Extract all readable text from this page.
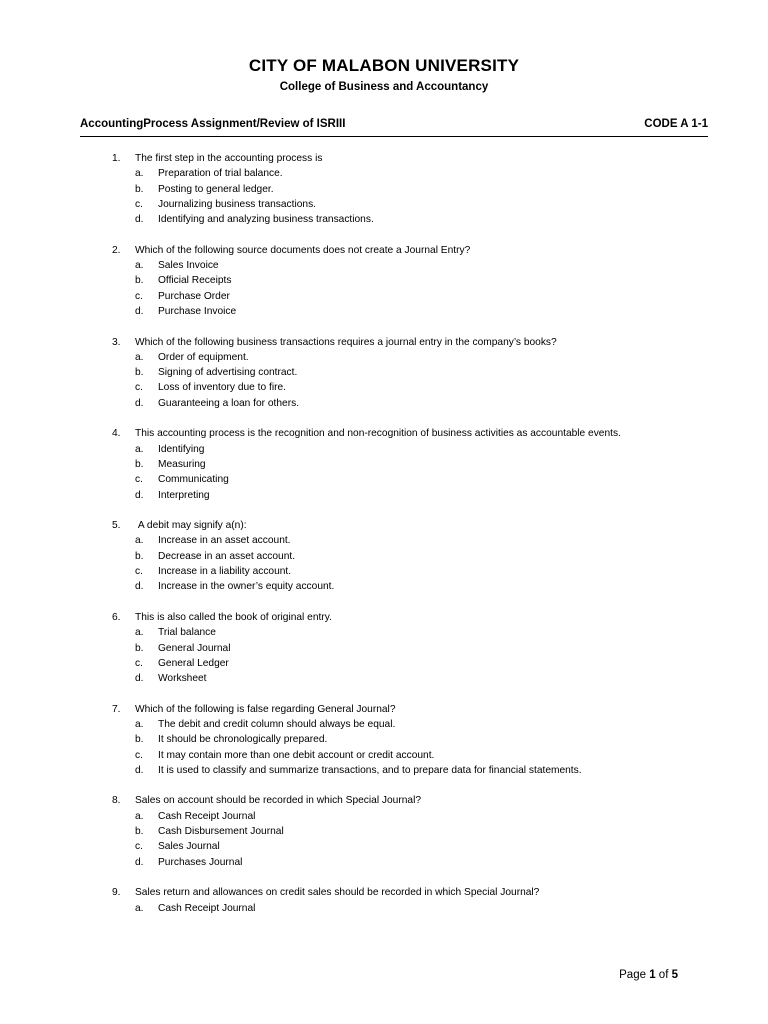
CITY OF MALABON UNIVERSITY
College of Business and Accountancy
AccountingProcess Assignment/Review of ISRIII	CODE A 1-1
1. The first step in the accounting process is
a. Preparation of trial balance.
b. Posting to general ledger.
c. Journalizing business transactions.
d. Identifying and analyzing business transactions.
2. Which of the following source documents does not create a Journal Entry?
a. Sales Invoice
b. Official Receipts
c. Purchase Order
d. Purchase Invoice
3. Which of the following business transactions requires a journal entry in the company’s books?
a. Order of equipment.
b. Signing of advertising contract.
c. Loss of inventory due to fire.
d. Guaranteeing a loan for others.
4. This accounting process is the recognition and non-recognition of business activities as accountable events.
a. Identifying
b. Measuring
c. Communicating
d. Interpreting
5. A debit may signify a(n):
a. Increase in an asset account.
b. Decrease in an asset account.
c. Increase in a liability account.
d. Increase in the owner’s equity account.
6. This is also called the book of original entry.
a. Trial balance
b. General Journal
c. General Ledger
d. Worksheet
7. Which of the following is false regarding General Journal?
a. The debit and credit column should always be equal.
b. It should be chronologically prepared.
c. It may contain more than one debit account or credit account.
d. It is used to classify and summarize transactions, and to prepare data for financial statements.
8. Sales on account should be recorded in which Special Journal?
a. Cash Receipt Journal
b. Cash Disbursement Journal
c. Sales Journal
d. Purchases Journal
9. Sales return and allowances on credit sales should be recorded in which Special Journal?
a. Cash Receipt Journal
Page 1 of 5
